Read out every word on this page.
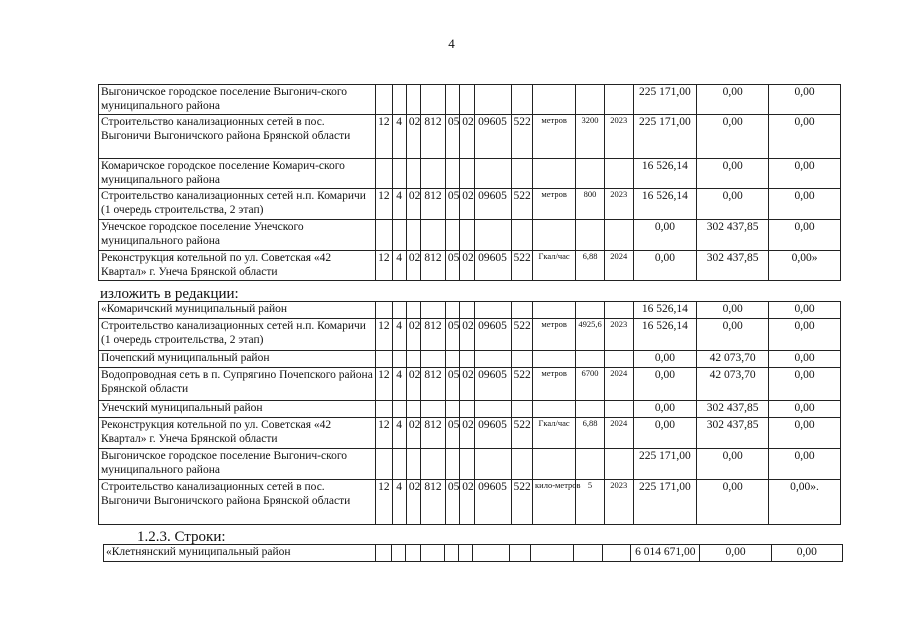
4
Выгоничское городское поселение Выгонич-ского муниципального района												225 171,00	0,00	0,00
Строительство канализационных сетей в пос. Выгоничи Выгоничского района Брянской области	12	4	02	812	05	02	09605	522	метров	3200	2023	225 171,00	0,00	0,00
Комаричское городское поселение Комарич-ского муниципального района												16 526,14	0,00	0,00
Строительство канализационных сетей н.п. Комаричи (1 очередь строительства, 2 этап)	12	4	02	812	05	02	09605	522	метров	800	2023	16 526,14	0,00	0,00
Унечское городское поселение Унечского муниципального района												0,00	302 437,85	0,00
Реконструкция котельной по ул. Советская «42 Квартал» г. Унеча Брянской области	12	4	02	812	05	02	09605	522	Гкал/час	6,88	2024	0,00	302 437,85	0,00»
изложить в редакции:
«Комаричский муниципальный район												16 526,14	0,00	0,00
Строительство канализационных сетей н.п. Комаричи (1 очередь строительства, 2 этап)	12	4	02	812	05	02	09605	522	метров	4925,6	2023	16 526,14	0,00	0,00
Почепский муниципальный район												0,00	42 073,70	0,00
Водопроводная сеть в п. Супрягино Почепского района Брянской области	12	4	02	812	05	02	09605	522	метров	6700	2024	0,00	42 073,70	0,00
Унечский муниципальный район												0,00	302 437,85	0,00
Реконструкция котельной по ул. Советская «42 Квартал» г. Унеча Брянской области	12	4	02	812	05	02	09605	522	Гкал/час	6,88	2024	0,00	302 437,85	0,00
Выгоничское городское поселение Выгонич-ского муниципального района												225 171,00	0,00	0,00
Строительство канализационных сетей в пос. Выгоничи Выгоничского района Брянской области	12	4	02	812	05	02	09605	522	кило-метров	5	2023	225 171,00	0,00	0,00».
1.2.3. Строки:
«Клетнянский муниципальный район												6 014 671,00	0,00	0,00
